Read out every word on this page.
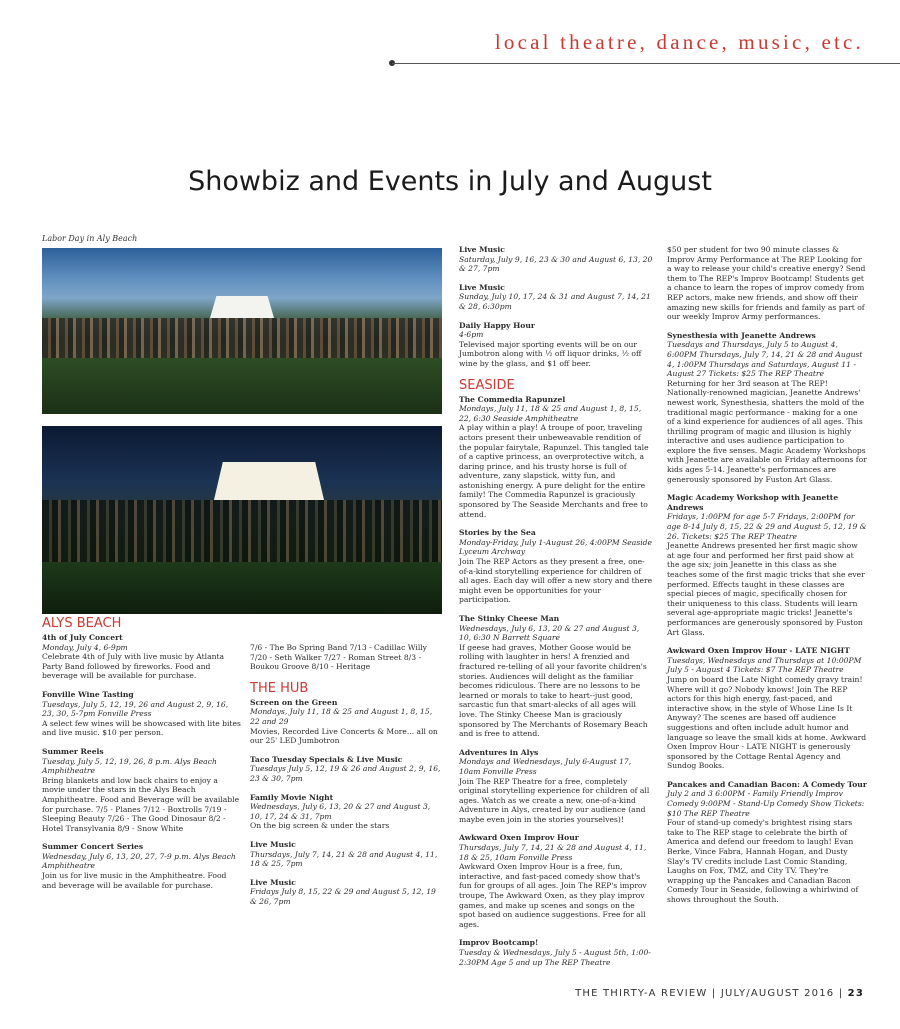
local theatre, dance, music, etc.
Showbiz and Events in July and August
Labor Day in Aly Beach
ALYS BEACH
4th of July Concert
Monday, July 4, 6-9pm
Celebrate 4th of July with live music by Atlanta Party Band followed by fireworks. Food and beverage will be available for purchase.
Fonville Wine Tasting
Tuesdays, July 5, 12, 19, 26 and August 2, 9, 16, 23, 30, 5-7pm Fonville Press
A select few wines will be showcased with lite bites and live music. $10 per person.
Summer Reels
Tuesday, July 5, 12, 19, 26, 8 p.m. Alys Beach Amphitheatre
Bring blankets and low back chairs to enjoy a movie under the stars in the Alys Beach Amphitheatre. Food and Beverage will be available for purchase. 7/5 - Planes 7/12 - Boxtrolls 7/19 - Sleeping Beauty 7/26 - The Good Dinosaur 8/2 - Hotel Transylvania 8/9 - Snow White
Summer Concert Series
Wednesday, July 6, 13, 20, 27, 7-9 p.m. Alys Beach Amphitheatre
Join us for live music in the Amphitheatre. Food and beverage will be available for purchase.
7/6 - The Bo Spring Band 7/13 - Cadillac Willy 7/20 - Seth Walker 7/27 - Roman Street 8/3 - Boukou Groove 8/10 - Heritage
THE HUB
Screen on the Green
Mondays, July 11, 18 & 25 and August 1, 8, 15, 22 and 29
Movies, Recorded Live Concerts & More... all on our 25' LED Jumbotron
Taco Tuesday Specials & Live Music
Tuesdays July 5, 12, 19 & 26 and August 2, 9, 16, 23 & 30, 7pm
Family Movie Night
Wednesdays, July 6, 13, 20 & 27 and August 3, 10, 17, 24 & 31, 7pm
On the big screen & under the stars
Live Music
Thursdays, July 7, 14, 21 & 28 and August 4, 11, 18 & 25, 7pm
Live Music
Fridays July 8, 15, 22 & 29 and August 5, 12, 19 & 26, 7pm
Live Music
Saturday, July 9, 16, 23 & 30 and August 6, 13, 20 & 27, 7pm
Live Music
Sunday, July 10, 17, 24 & 31 and August 7, 14, 21 & 28, 6:30pm
Daily Happy Hour
4-6pm
Televised major sporting events will be on our Jumbotron along with ½ off liquor drinks, ½ off wine by the glass, and $1 off beer.
SEASIDE
The Commedia Rapunzel
Mondays, July 11, 18 & 25 and August 1, 8, 15, 22, 6:30 Seaside Amphitheatre
A play within a play! A troupe of poor, traveling actors present their unbeweavable rendition of the popular fairytale, Rapunzel. This tangled tale of a captive princess, an overprotective witch, a daring prince, and his trusty horse is full of adventure, zany slapstick, witty fun, and astonishing energy. A pure delight for the entire family! The Commedia Rapunzel is graciously sponsored by The Seaside Merchants and free to attend.
Stories by the Sea
Monday-Friday, July 1-August 26, 4:00PM Seaside Lyceum Archway
Join The REP Actors as they present a free, one-of-a-kind storytelling experience for children of all ages. Each day will offer a new story and there might even be opportunities for your participation.
The Stinky Cheese Man
Wednesdays, July 6, 13, 20 & 27 and August 3, 10, 6:30 N Barrett Square
If geese had graves, Mother Goose would be rolling with laughter in hers! A frenzied and fractured re-telling of all your favorite children's stories. Audiences will delight as the familiar becomes ridiculous. There are no lessons to be learned or morals to take to heart--just good, sarcastic fun that smart-alecks of all ages will love. The Stinky Cheese Man is graciously sponsored by The Merchants of Rosemary Beach and is free to attend.
Adventures in Alys
Mondays and Wednesdays, July 6-August 17, 10am Fonville Press
Join The REP Theatre for a free, completely original storytelling experience for children of all ages. Watch as we create a new, one-of-a-kind Adventure in Alys, created by our audience (and maybe even join in the stories yourselves)!
Awkward Oxen Improv Hour
Thursdays, July 7, 14, 21 & 28 and August 4, 11, 18 & 25, 10am Fonville Press
Awkward Oxen Improv Hour is a free, fun, interactive, and fast-paced comedy show that's fun for groups of all ages. Join The REP's improv troupe, The Awkward Oxen, as they play improv games, and make up scenes and songs on the spot based on audience suggestions. Free for all ages.
Improv Bootcamp!
Tuesday & Wednesdays, July 5 - August 5th, 1:00-2:30PM Age 5 and up The REP Theatre
$50 per student for two 90 minute classes & Improv Army Performance at The REP Looking for a way to release your child's creative energy? Send them to The REP's Improv Bootcamp! Students get a chance to learn the ropes of improv comedy from REP actors, make new friends, and show off their amazing new skills for friends and family as part of our weekly Improv Army performances.
Synesthesia with Jeanette Andrews
Tuesdays and Thursdays, July 5 to August 4, 6:00PM Thursdays, July 7, 14, 21 & 28 and August 4, 1:00PM Thursdays and Saturdays, August 11 - August 27 Tickets: $25 The REP Theatre
Returning for her 3rd season at The REP! Nationally-renowned magician, Jeanette Andrews' newest work, Synesthesia, shatters the mold of the traditional magic performance - making for a one of a kind experience for audiences of all ages. This thrilling program of magic and illusion is highly interactive and uses audience participation to explore the five senses. Magic Academy Workshops with Jeanette are available on Friday afternoons for kids ages 5-14. Jeanette's performances are generously sponsored by Fuston Art Glass.
Magic Academy Workshop with Jeanette Andrews
Fridays, 1:00PM for age 5-7 Fridays, 2:00PM for age 8-14 July 8, 15, 22 & 29 and August 5, 12, 19 & 26. Tickets: $25 The REP Theatre
Jeanette Andrews presented her first magic show at age four and performed her first paid show at the age six; join Jeanette in this class as she teaches some of the first magic tricks that she ever performed. Effects taught in these classes are special pieces of magic, specifically chosen for their uniqueness to this class. Students will learn several age-appropriate magic tricks! Jeanette's performances are generously sponsored by Fuston Art Glass.
Awkward Oxen Improv Hour - LATE NIGHT
Tuesdays, Wednesdays and Thursdays at 10:00PM July 5 - August 4 Tickets: $7 The REP Theatre
Jump on board the Late Night comedy gravy train! Where will it go? Nobody knows! Join The REP actors for this high energy, fast-paced, and interactive show, in the style of Whose Line Is It Anyway? The scenes are based off audience suggestions and often include adult humor and language so leave the small kids at home. Awkward Oxen Improv Hour - LATE NIGHT is generously sponsored by the Cottage Rental Agency and Sundog Books.
Pancakes and Canadian Bacon: A Comedy Tour
July 2 and 3 6:00PM - Family Friendly Improv Comedy 9:00PM - Stand-Up Comedy Show Tickets: $10 The REP Theatre
Four of stand-up comedy's brightest rising stars take to The REP stage to celebrate the birth of America and defend our freedom to laugh! Evan Berke, Vince Fabra, Hannah Hogan, and Dusty Slay's TV credits include Last Comic Standing, Laughs on Fox, TMZ, and City TV. They're wrapping up the Pancakes and Canadian Bacon Comedy Tour in Seaside, following a whirlwind of shows throughout the South.
THE THIRTY-A REVIEW | JULY/AUGUST 2016 | 23
